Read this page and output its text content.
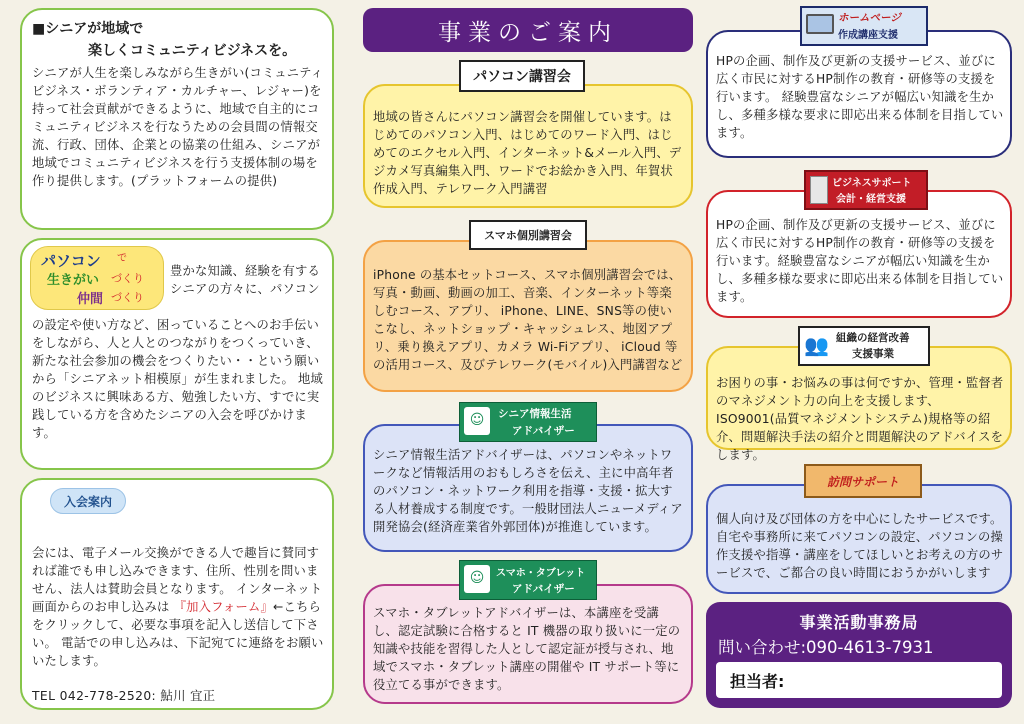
■シニアが地域で
楽しくコミュニティビジネスを。
シニアが人生を楽しみながら生きがい(コミュニティビジネス・ボランティア・カルチャー、レジャー)を持って社会貢献ができるように、地域で自主的にコミュニティビジネスを行なうための会員間の情報交流、行政、団体、企業との協業の仕組み、シニアが地域でコミュニティビジネスを行う支援体制の場を作り提供します。(プラットフォームの提供)
パソコン で
生きがい づくり
仲間 づくり
豊かな知識、経験を有するシニアの方々に、パソコン
の設定や使い方など、困っていることへのお手伝いをしながら、人と人とのつながりをつくっていき、新たな社会参加の機会をつくりたい・・という願いから「シニアネット相模原」が生まれました。 地域のビジネスに興味ある方、勉強したい方、すでに実践している方を含めたシニアの入会を呼びかけます。
入会案内

会には、電子メール交換ができる人で趣旨に賛同すれば誰でも申し込みできます、住所、性別を問いません、法人は賛助会員となります。 インターネット画面からのお申し込みは 『加入フォーム』←こちら をクリックして、必要な事項を記入し送信して下さい。 電話での申し込みは、下記宛てに連絡をお願いいたします。

TEL 042-778-2520: 鮎川 宜正
事業のご案内
パソコン講習会
地域の皆さんにパソコン講習会を開催しています。はじめてのパソコン入門、はじめてのワード入門、はじめてのエクセル入門、インターネット&メール入門、デジカメ写真編集入門、ワードでお絵かき入門、年賀状作成入門、テレワーク入門講習
スマホ個別講習会
iPhone の基本セットコース、スマホ個別講習会では、写真・動画、動画の加工、音楽、インターネット等楽しむコース、アプリ、 iPhone、LINE、SNS等の使いこなし、ネットショップ・キャッシュレス、地図アプリ、乗り換えアプリ、カメラ Wi-Fiアプリ、 iCloud 等の活用コース、及びテレワーク(モバイル)入門講習など
☺	シニア情報生活
アドバイザー
シニア情報生活アドバイザーは、パソコンやネットワークなど情報活用のおもしろさを伝え、主に中高年者のパソコン・ネットワーク利用を指導・支援・拡大する人材養成する制度です。一般財団法人ニューメディア開発協会(経済産業省外郭団体)が推進しています。
☺	スマホ・タブレット
アドバイザー
スマホ・タブレットアドバイザーは、本講座を受講し、認定試験に合格すると IT 機器の取り扱いに一定の知識や技能を習得した人として認定証が授与され、地域でスマホ・タブレット講座の開催や IT サポート等に役立てる事ができます。
ホームページ
作成講座支援
HPの企画、制作及び更新の支援サービス、並びに広く市民に対するHP制作の教育・研修等の支援を行います。 経験豊富なシニアが幅広い知識を生かし、多種多様な要求に即応出来る体制を目指しています。
ビジネスサポート
会計・経営支援
HPの企画、制作及び更新の支援サービス、並びに広く市民に対するHP制作の教育・研修等の支援を行います。経験豊富なシニアが幅広い知識を生かし、多種多様な要求に即応出来る体制を目指しています。
👥 組織の経営改善
支援事業
お困りの事・お悩みの事は何ですか、管理・監督者のマネジメント力の向上を支援します、ISO9001(品質マネジメントシステム)規格等の紹介、問題解決手法の紹介と問題解決のアドバイスをします。
訪問サポート
個人向け及び団体の方を中心にしたサービスです。自宅や事務所に来てパソコンの設定、パソコンの操作支援や指導・講座をしてほしいとお考えの方のサービスで、ご都合の良い時間におうかがいします
事業活動事務局
問い合わせ:090-4613-7931
担当者:
